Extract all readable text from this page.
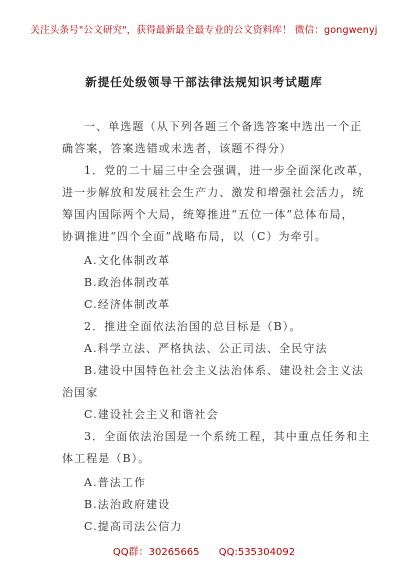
关注头条号"公文研究"，获得最新最全最专业的公文资料库！ 微信：gongwenyj
新提任处级领导干部法律法规知识考试题库
一、单选题（从下列各题三个备选答案中选出一个正
确答案，答案选错或未选者，该题不得分）
1．党的二十届三中全会强调，进一步全面深化改革，
进一步解放和发展社会生产力、激发和增强社会活力，统
筹国内国际两个大局，统筹推进“五位一体”总体布局，
协调推进“四个全面”战略布局，以（C）为牵引。
A.文化体制改革
B.政治体制改革
C.经济体制改革
2．推进全面依法治国的总目标是（B）。
A.科学立法、严格执法、公正司法、全民守法
B.建设中国特色社会主义法治体系、建设社会主义法
治国家
C.建设社会主义和谐社会
3．全面依法治国是一个系统工程，其中重点任务和主
体工程是（B）。
A.普法工作
B.法治政府建设
C.提高司法公信力
QQ群：30265665 QQ:535304092
